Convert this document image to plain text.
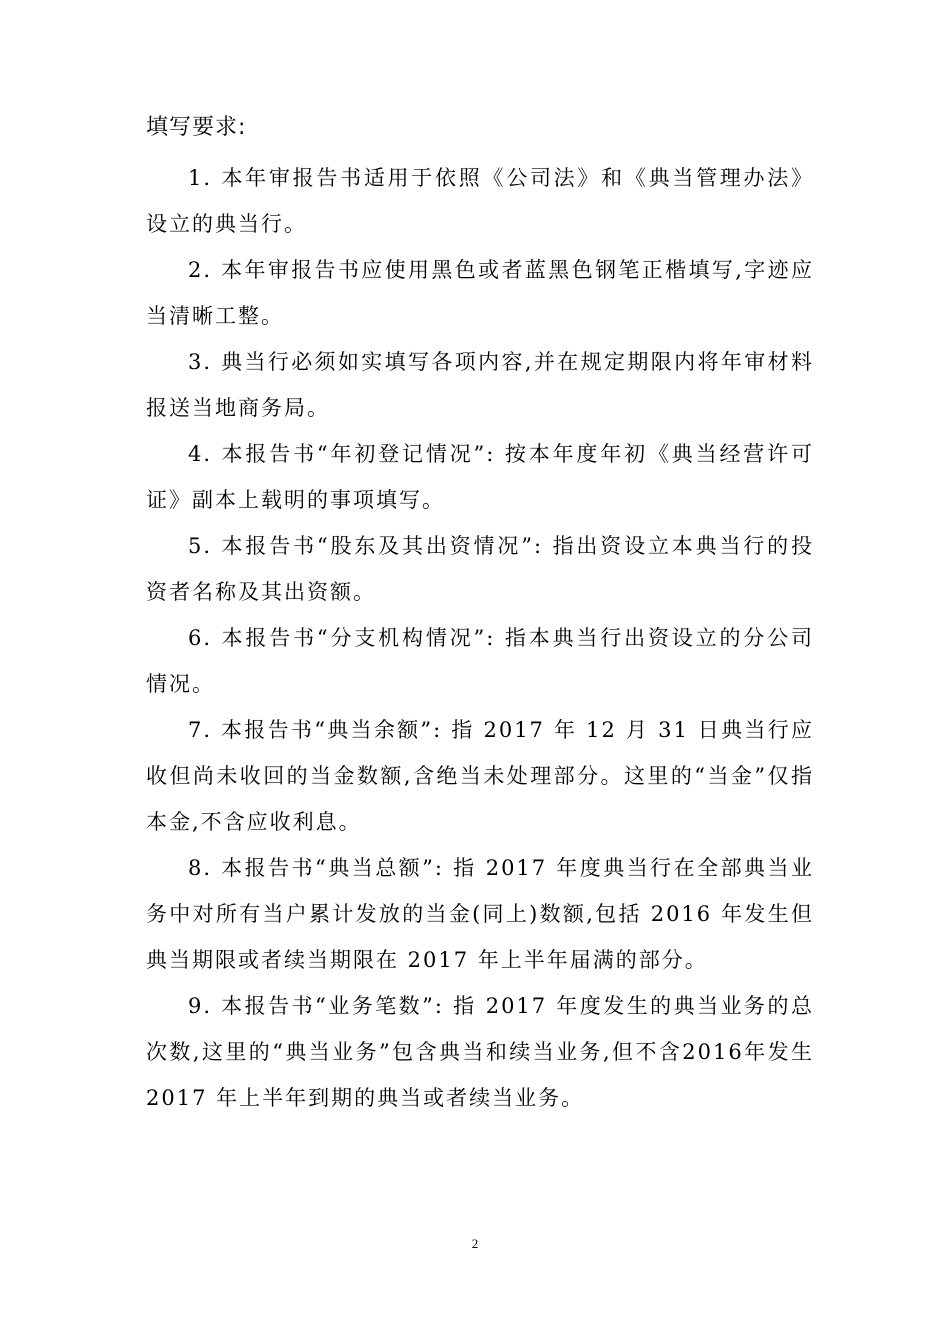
填写要求:

1. 本年审报告书适用于依照《公司法》和《典当管理办法》设立的典当行。

2. 本年审报告书应使用黑色或者蓝黑色钢笔正楷填写,字迹应当清晰工整。

3. 典当行必须如实填写各项内容,并在规定期限内将年审材料报送当地商务局。

4. 本报告书“年初登记情况”: 按本年度年初《典当经营许可证》副本上载明的事项填写。

5. 本报告书“股东及其出资情况”: 指出资设立本典当行的投资者名称及其出资额。

6. 本报告书“分支机构情况”: 指本典当行出资设立的分公司情况。

7. 本报告书“典当余额”: 指 2017 年 12 月 31 日典当行应收但尚未收回的当金数额,含绝当未处理部分。这里的“当金”仅指本金,不含应收利息。

8. 本报告书“典当总额”: 指 2017 年度典当行在全部典当业务中对所有当户累计发放的当金(同上)数额,包括 2016 年发生但典当期限或者续当期限在 2017 年上半年届满的部分。

9. 本报告书“业务笔数”: 指 2017 年度发生的典当业务的总次数,这里的“典当业务”包含典当和续当业务,但不含2016年发生 2017 年上半年到期的典当或者续当业务。

2
